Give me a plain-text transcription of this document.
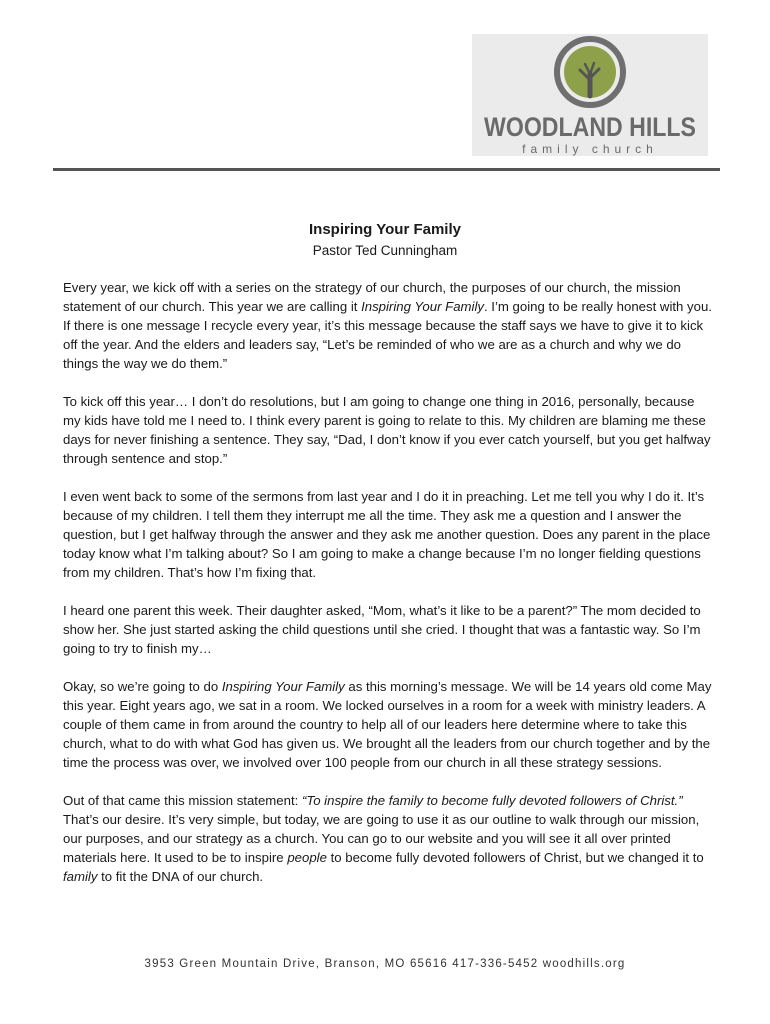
WOODLAND HILLS
family church

Inspiring Your Family

Pastor Ted Cunningham

Every year, we kick off with a series on the strategy of our church, the purposes of our church, the mission statement of our church. This year we are calling it Inspiring Your Family. I’m going to be really honest with you. If there is one message I recycle every year, it’s this message because the staff says we have to give it to kick off the year. And the elders and leaders say, “Let’s be reminded of who we are as a church and why we do things the way we do them.”

To kick off this year… I don’t do resolutions, but I am going to change one thing in 2016, personally, because my kids have told me I need to. I think every parent is going to relate to this. My children are blaming me these days for never finishing a sentence. They say, “Dad, I don’t know if you ever catch yourself, but you get halfway through sentence and stop.”

I even went back to some of the sermons from last year and I do it in preaching. Let me tell you why I do it. It’s because of my children. I tell them they interrupt me all the time. They ask me a question and I answer the question, but I get halfway through the answer and they ask me another question. Does any parent in the place today know what I’m talking about? So I am going to make a change because I’m no longer fielding questions from my children. That’s how I’m fixing that.

I heard one parent this week. Their daughter asked, “Mom, what’s it like to be a parent?” The mom decided to show her. She just started asking the child questions until she cried. I thought that was a fantastic way. So I’m going to try to finish my…

Okay, so we’re going to do Inspiring Your Family as this morning’s message. We will be 14 years old come May this year. Eight years ago, we sat in a room. We locked ourselves in a room for a week with ministry leaders. A couple of them came in from around the country to help all of our leaders here determine where to take this church, what to do with what God has given us. We brought all the leaders from our church together and by the time the process was over, we involved over 100 people from our church in all these strategy sessions.

Out of that came this mission statement: “To inspire the family to become fully devoted followers of Christ.” That’s our desire. It’s very simple, but today, we are going to use it as our outline to walk through our mission, our purposes, and our strategy as a church. You can go to our website and you will see it all over printed materials here. It used to be to inspire people to become fully devoted followers of Christ, but we changed it to family to fit the DNA of our church.

3953 Green Mountain Drive, Branson, MO 65616 417-336-5452 woodhills.org
